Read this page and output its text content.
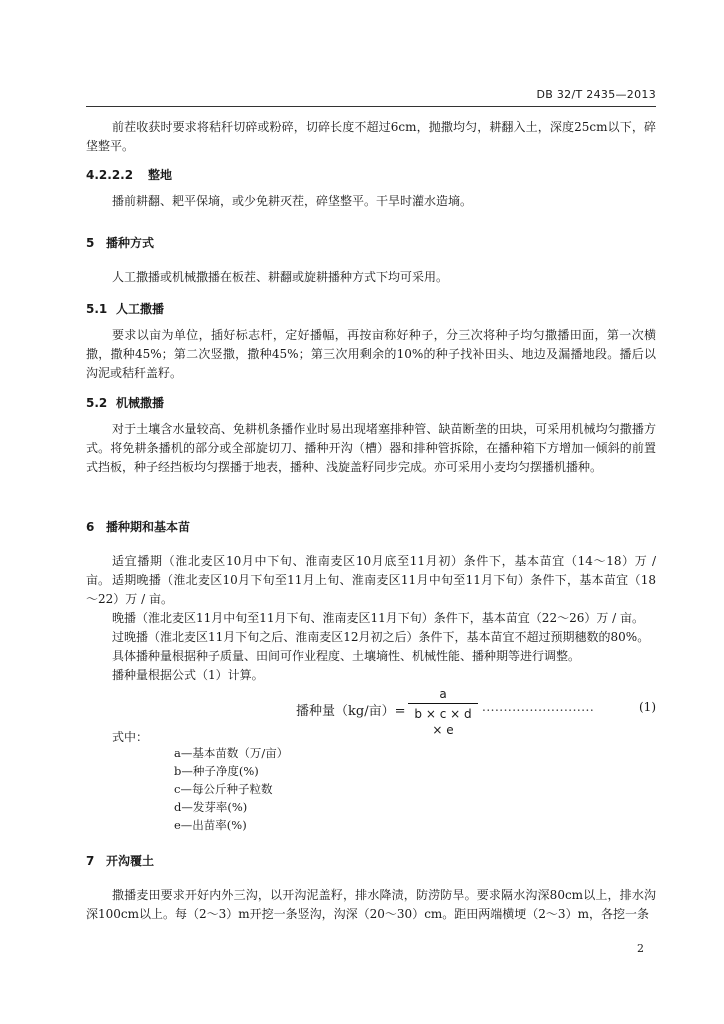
DB 32/T 2435—2013

前茬收获时要求将秸秆切碎或粉碎，切碎长度不超过6cm，抛撒均匀，耕翻入土，深度25cm以下，碎垡整平。

4.2.2.2 整地

播前耕翻、耙平保墒，或少免耕灭茬，碎垡整平。干旱时灌水造墒。

5 播种方式

人工撒播或机械撒播在板茬、耕翻或旋耕播种方式下均可采用。

5.1 人工撒播

要求以亩为单位，插好标志杆，定好播幅，再按亩称好种子，分三次将种子均匀撒播田面，第一次横撒，撒种45%；第二次竖撒，撒种45%；第三次用剩余的10%的种子找补田头、地边及漏播地段。播后以沟泥或秸秆盖籽。

5.2 机械撒播

对于土壤含水量较高、免耕机条播作业时易出现堵塞排种管、缺苗断垄的田块，可采用机械均匀撒播方式。将免耕条播机的部分或全部旋切刀、播种开沟（槽）器和排种管拆除，在播种箱下方增加一倾斜的前置式挡板，种子经挡板均匀摆播于地表，播种、浅旋盖籽同步完成。亦可采用小麦均匀摆播机播种。

6 播种期和基本苗

适宜播期（淮北麦区10月中下旬、淮南麦区10月底至11月初）条件下，基本苗宜（14～18）万 / 亩。 适期晚播（淮北麦区10月下旬至11月上旬、淮南麦区11月中旬至11月下旬）条件下，基本苗宜（18～22）万 / 亩。

晚播（淮北麦区11月中旬至11月下旬、淮南麦区11月下旬）条件下，基本苗宜（22～26）万 / 亩。

过晚播（淮北麦区11月下旬之后、淮南麦区12月初之后）条件下，基本苗宜不超过预期穗数的80%。

具体播种量根据种子质量、田间可作业程度、土壤墒性、机械性能、播种期等进行调整。

播种量根据公式（1）计算。

播种量（kg/亩）=
a
b × c × d × e
..........................	(1)
式中：
a—基本苗数（万/亩）
b—种子净度(%)
c—每公斤种子粒数
d—发芽率(%)
e—出苗率(%)
7 开沟覆土

撒播麦田要求开好内外三沟，以开沟泥盖籽，排水降渍，防涝防旱。要求隔水沟深80cm以上，排水沟深100cm以上。每（2～3）m开挖一条竖沟，沟深（20～30）cm。距田两端横埂（2～3）m，各挖一条

2
